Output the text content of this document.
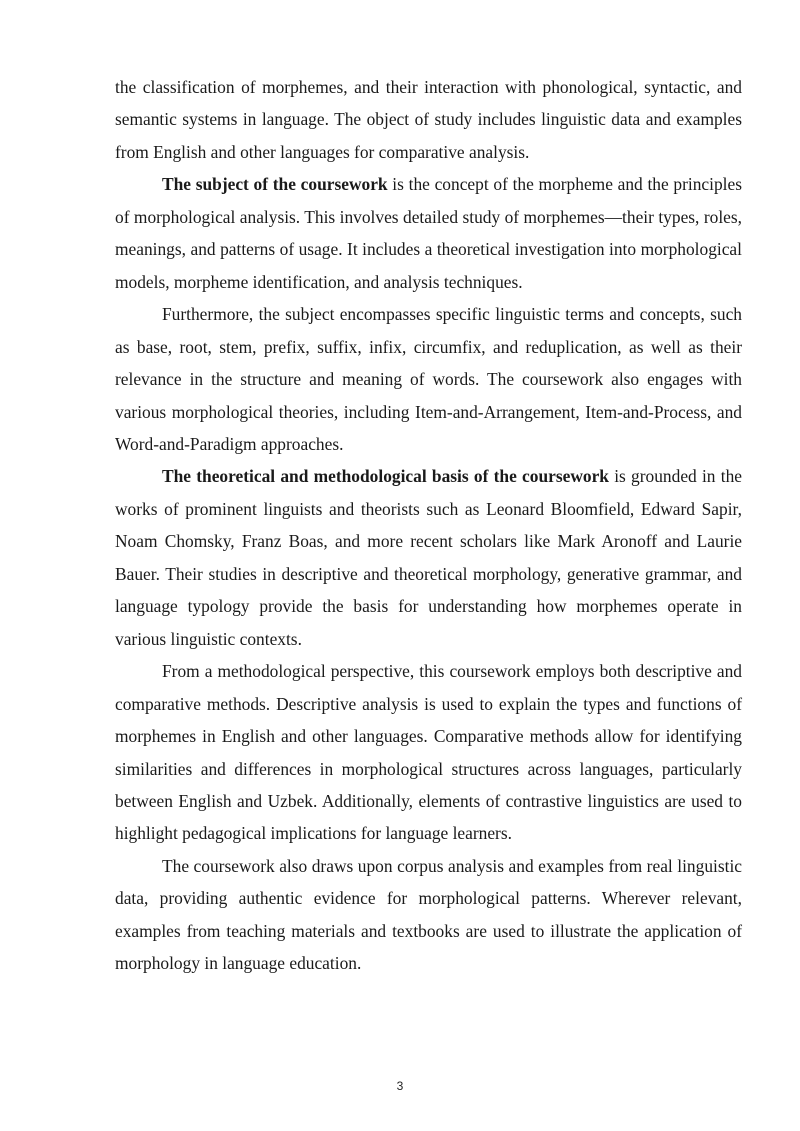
the classification of morphemes, and their interaction with phonological, syntactic, and semantic systems in language. The object of study includes linguistic data and examples from English and other languages for comparative analysis.

The subject of the coursework is the concept of the morpheme and the principles of morphological analysis. This involves detailed study of morphemes—their types, roles, meanings, and patterns of usage. It includes a theoretical investigation into morphological models, morpheme identification, and analysis techniques.

Furthermore, the subject encompasses specific linguistic terms and concepts, such as base, root, stem, prefix, suffix, infix, circumfix, and reduplication, as well as their relevance in the structure and meaning of words. The coursework also engages with various morphological theories, including Item-and-Arrangement, Item-and-Process, and Word-and-Paradigm approaches.

The theoretical and methodological basis of the coursework is grounded in the works of prominent linguists and theorists such as Leonard Bloomfield, Edward Sapir, Noam Chomsky, Franz Boas, and more recent scholars like Mark Aronoff and Laurie Bauer. Their studies in descriptive and theoretical morphology, generative grammar, and language typology provide the basis for understanding how morphemes operate in various linguistic contexts.

From a methodological perspective, this coursework employs both descriptive and comparative methods. Descriptive analysis is used to explain the types and functions of morphemes in English and other languages. Comparative methods allow for identifying similarities and differences in morphological structures across languages, particularly between English and Uzbek. Additionally, elements of contrastive linguistics are used to highlight pedagogical implications for language learners.

The coursework also draws upon corpus analysis and examples from real linguistic data, providing authentic evidence for morphological patterns. Wherever relevant, examples from teaching materials and textbooks are used to illustrate the application of morphology in language education.

3
